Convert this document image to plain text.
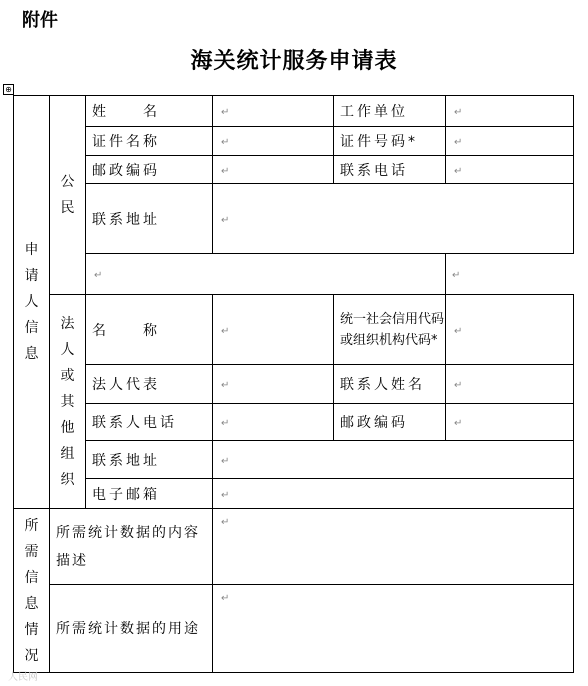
附件
海关统计服务申请表
⊕
申请人信息	公民	姓　　名	↵	工作单位	↵
		证件名称	↵	证件号码*	↵
		邮政编码	↵	联系电话	↵
		联系地址	↵		
		↵			↵
	法人或其他组织	名　　称	↵	统一社会信用代码或组织机构代码*	↵
		法人代表	↵	联系人姓名	↵
		联系人电话	↵	邮政编码	↵
		联系地址	↵		
		电子邮箱	↵		
所需信息情况	所需统计数据的内容描述		↵		
	所需统计数据的用途		↵		
人民网
